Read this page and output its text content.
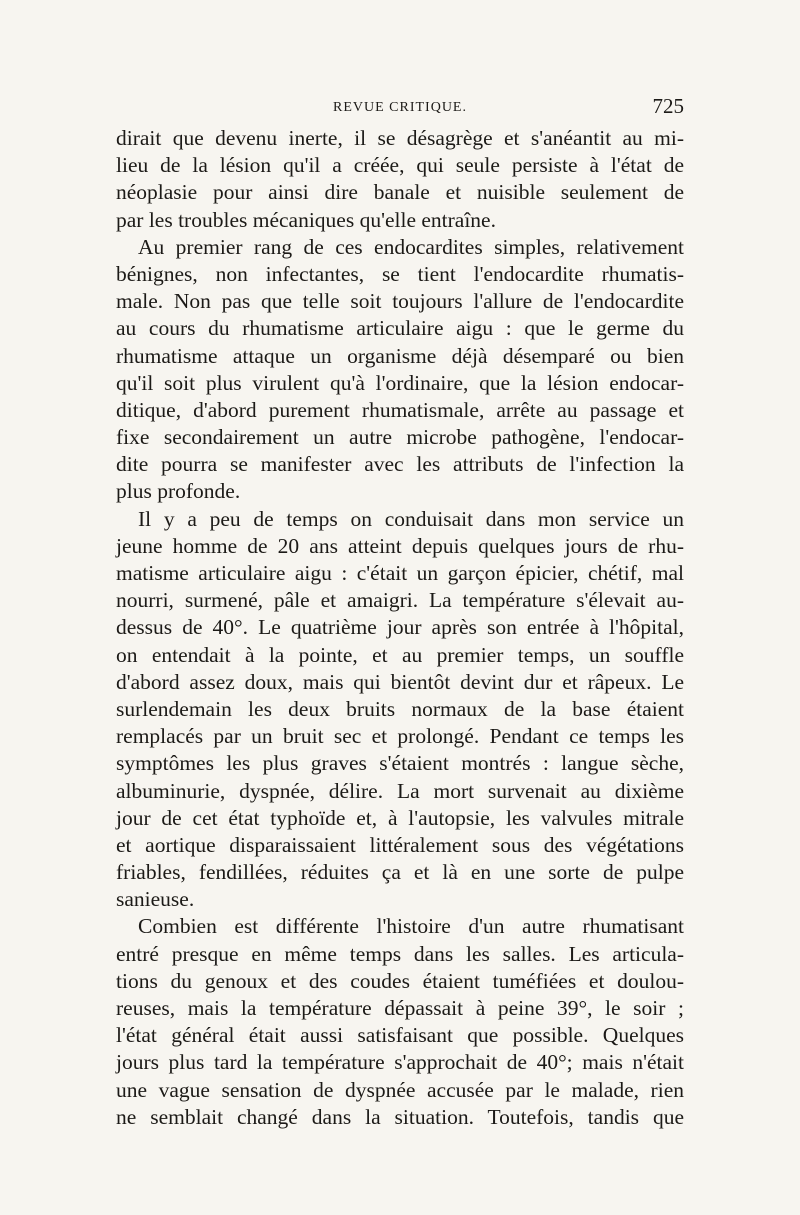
REVUE CRITIQUE.	725
dirait que devenu inerte, il se désagrège et s'anéantit au mi-
lieu de la lésion qu'il a créée, qui seule persiste à l'état de
néoplasie pour ainsi dire banale et nuisible seulement de
par les troubles mécaniques qu'elle entraîne.
Au premier rang de ces endocardites simples, relativement
bénignes, non infectantes, se tient l'endocardite rhumatis-
male. Non pas que telle soit toujours l'allure de l'endocardite
au cours du rhumatisme articulaire aigu : que le germe du
rhumatisme attaque un organisme déjà désemparé ou bien
qu'il soit plus virulent qu'à l'ordinaire, que la lésion endocar-
ditique, d'abord purement rhumatismale, arrête au passage et
fixe secondairement un autre microbe pathogène, l'endocar-
dite pourra se manifester avec les attributs de l'infection la
plus profonde.
Il y a peu de temps on conduisait dans mon service un
jeune homme de 20 ans atteint depuis quelques jours de rhu-
matisme articulaire aigu : c'était un garçon épicier, chétif, mal
nourri, surmené, pâle et amaigri. La température s'élevait au-
dessus de 40°. Le quatrième jour après son entrée à l'hôpital,
on entendait à la pointe, et au premier temps, un souffle
d'abord assez doux, mais qui bientôt devint dur et râpeux. Le
surlendemain les deux bruits normaux de la base étaient
remplacés par un bruit sec et prolongé. Pendant ce temps les
symptômes les plus graves s'étaient montrés : langue sèche,
albuminurie, dyspnée, délire. La mort survenait au dixième
jour de cet état typhoïde et, à l'autopsie, les valvules mitrale
et aortique disparaissaient littéralement sous des végétations
friables, fendillées, réduites ça et là en une sorte de pulpe
sanieuse.
Combien est différente l'histoire d'un autre rhumatisant
entré presque en même temps dans les salles. Les articula-
tions du genoux et des coudes étaient tuméfiées et doulou-
reuses, mais la température dépassait à peine 39°, le soir ;
l'état général était aussi satisfaisant que possible. Quelques
jours plus tard la température s'approchait de 40°; mais n'était
une vague sensation de dyspnée accusée par le malade, rien
ne semblait changé dans la situation. Toutefois, tandis que
